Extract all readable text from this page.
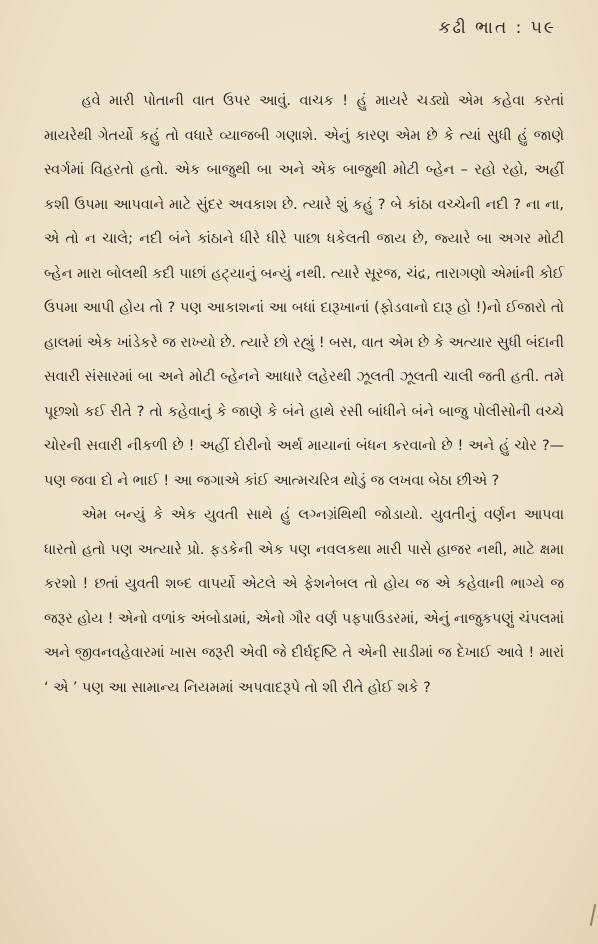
કઢી ભાત : ૫૯

હવે મારી પોતાની વાત ઉપર આવું. વાચક ! હું માયરે ચડ્યો એમ કહેવા કરતાં માયરેથી ગેતર્યો કહું તો વધારે વ્યાજબી ગણાશે. એનું કારણ એમ છે કે ત્યાં સુધી હું જાણે સ્વર્ગમાં વિહરતો હતો. એક બાજુથી બા અને એક બાજુથી મોટી બ્હેન – રહો રહો, અહીં કશી ઉપમા આપવાને માટે સુંદર અવકાશ છે. ત્યારે શું કહું ? બે કાંઠા વચ્ચેની નદી ? ના ના, એ તો ન ચાલે; નદી બંને કાંઠાને ધીરે ધીરે પાછા ધકેલતી જાય છે, જ્યારે બા અગર મોટી બ્હેન મારા બોલથી કદી પાછાં હટ્યાનું બન્યું નથી. ત્યારે સૂરજ, ચંદ્ર, તારાગણો એમાંની કોઈ ઉપમા આપી હોય તો ? પણ આકાશનાં આ બધાં દારૂખાનાં (ફોડવાનો દારૂ હો !)નો ઈજારો તો હાલમાં એક ખાંડેકરે જ રાખ્યો છે. ત્યારે છો રહ્યું ! બસ, વાત એમ છે કે અત્યાર સુધી બંદાની સવારી સંસારમાં બા અને મોટી બ્હેનને આધારે લહેરથી ઝૂલતી ઝૂલતી ચાલી જતી હતી. તમે પૂછશો કઈ રીતે ? તો કહેવાનું કે જાણે કે બંને હાથે રસી બાંધીને બંને બાજુ પોલીસોની વચ્ચે ચોરની સવારી નીકળી છે ! અહીં દોરીનો અર્થ માયાનાં બંધન કરવાનો છે ! અને હું ચોર ?—પણ જવા દો ને ભાઈ ! આ જગાએ કાંઈ આત્મચરિત્ર થોડું જ લખવા બેઠા છીએ ?

એમ બન્યું કે એક યુવતી સાથે હું લગ્નગ્રંથિથી જોડાયો. યુવતીનું વર્ણન આપવા ધારતો હતો પણ અત્યારે પ્રો. ફડકેની એક પણ નવલકથા મારી પાસે હાજર નથી, માટે ક્ષમા કરશો ! છતાં યુવતી શબ્દ વાપર્યો એટલે એ ફેશનેબલ તો હોય જ એ કહેવાની ભાગ્યે જ જરૂર હોય ! એનો વળાંક અંબોડામાં, એનો ગૌર વર્ણ પફપાઉડરમાં, એનું નાજુકપણું ચંપલમાં અને જીવનવહેવારમાં ખાસ જરૂરી એવી જે દીર્ઘદૃષ્ટિ તે એની સાડીમાં જ દેખાઈ આવે ! મારાં ‘ એ ’ પણ આ સામાન્ય નિયમમાં અપવાદરૂપે તો શી રીતે હોઈ શકે ?
